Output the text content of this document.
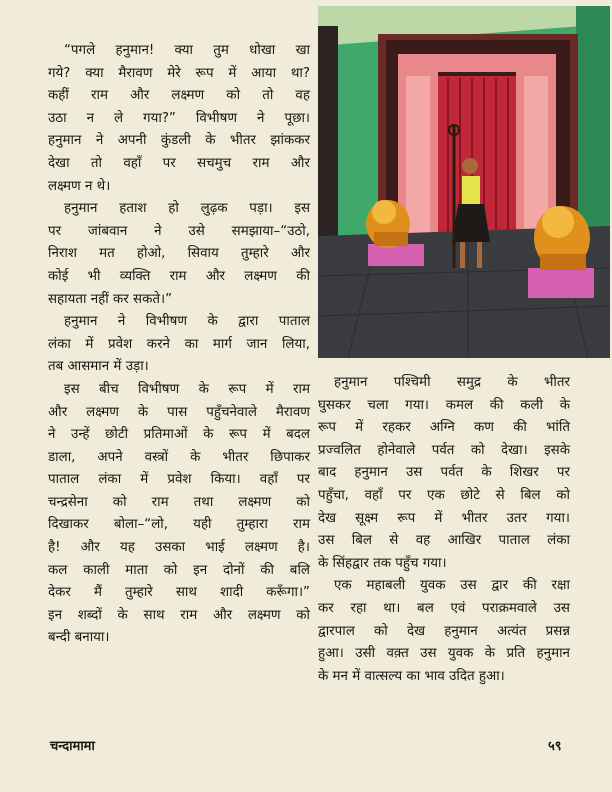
“पगले हनुमान! क्या तुम धोखा खा
गये? क्या मैरावण मेरे रूप में आया था?
कहीं राम और लक्ष्मण को तो वह
उठा न ले गया?” विभीषण ने पूछा।
हनुमान ने अपनी कुंडली के भीतर झांककर
देखा तो वहाँ पर सचमुच राम और
लक्ष्मण न थे।

हनुमान हताश हो लुढ़क पड़ा। इस
पर जांबवान ने उसे समझाया–“उठो,
निराश मत होओ, सिवाय तुम्हारे और
कोई भी व्यक्ति राम और लक्ष्मण की
सहायता नहीं कर सकते।”

हनुमान ने विभीषण के द्वारा पाताल
लंका में प्रवेश करने का मार्ग जान लिया,
तब आसमान में उड़ा।

इस बीच विभीषण के रूप में राम
और लक्ष्मण के पास पहुँचनेवाले मैरावण
ने उन्हें छोटी प्रतिमाओं के रूप में बदल
डाला, अपने वस्त्रों के भीतर छिपाकर
पाताल लंका में प्रवेश किया। वहाँ पर
चन्द्रसेना को राम तथा लक्ष्मण को
दिखाकर बोला–“लो, यही तुम्हारा राम
है! और यह उसका भाई लक्ष्मण है।
कल काली माता को इन दोनों की बलि
देकर मैं तुम्हारे साथ शादी करूँगा।”
इन शब्दों के साथ राम और लक्ष्मण को
बन्दी बनाया।

हनुमान पश्चिमी समुद्र के भीतर
घुसकर चला गया। कमल की कली के
रूप में रहकर अग्नि कण की भांति
प्रज्वलित होनेवाले पर्वत को देखा। इसके
बाद हनुमान उस पर्वत के शिखर पर
पहुँचा, वहाँ पर एक छोटे से बिल को
देख सूक्ष्म रूप में भीतर उतर गया।
उस बिल से वह आखिर पाताल लंका
के सिंहद्वार तक पहुँच गया।

एक महाबली युवक उस द्वार की रक्षा
कर रहा था। बल एवं पराक्रमवाले उस
द्वारपाल को देख हनुमान अत्यंत प्रसन्न
हुआ। उसी वक़्त उस युवक के प्रति हनुमान
के मन में वात्सल्य का भाव उदित हुआ।

चन्दामामा	५९
